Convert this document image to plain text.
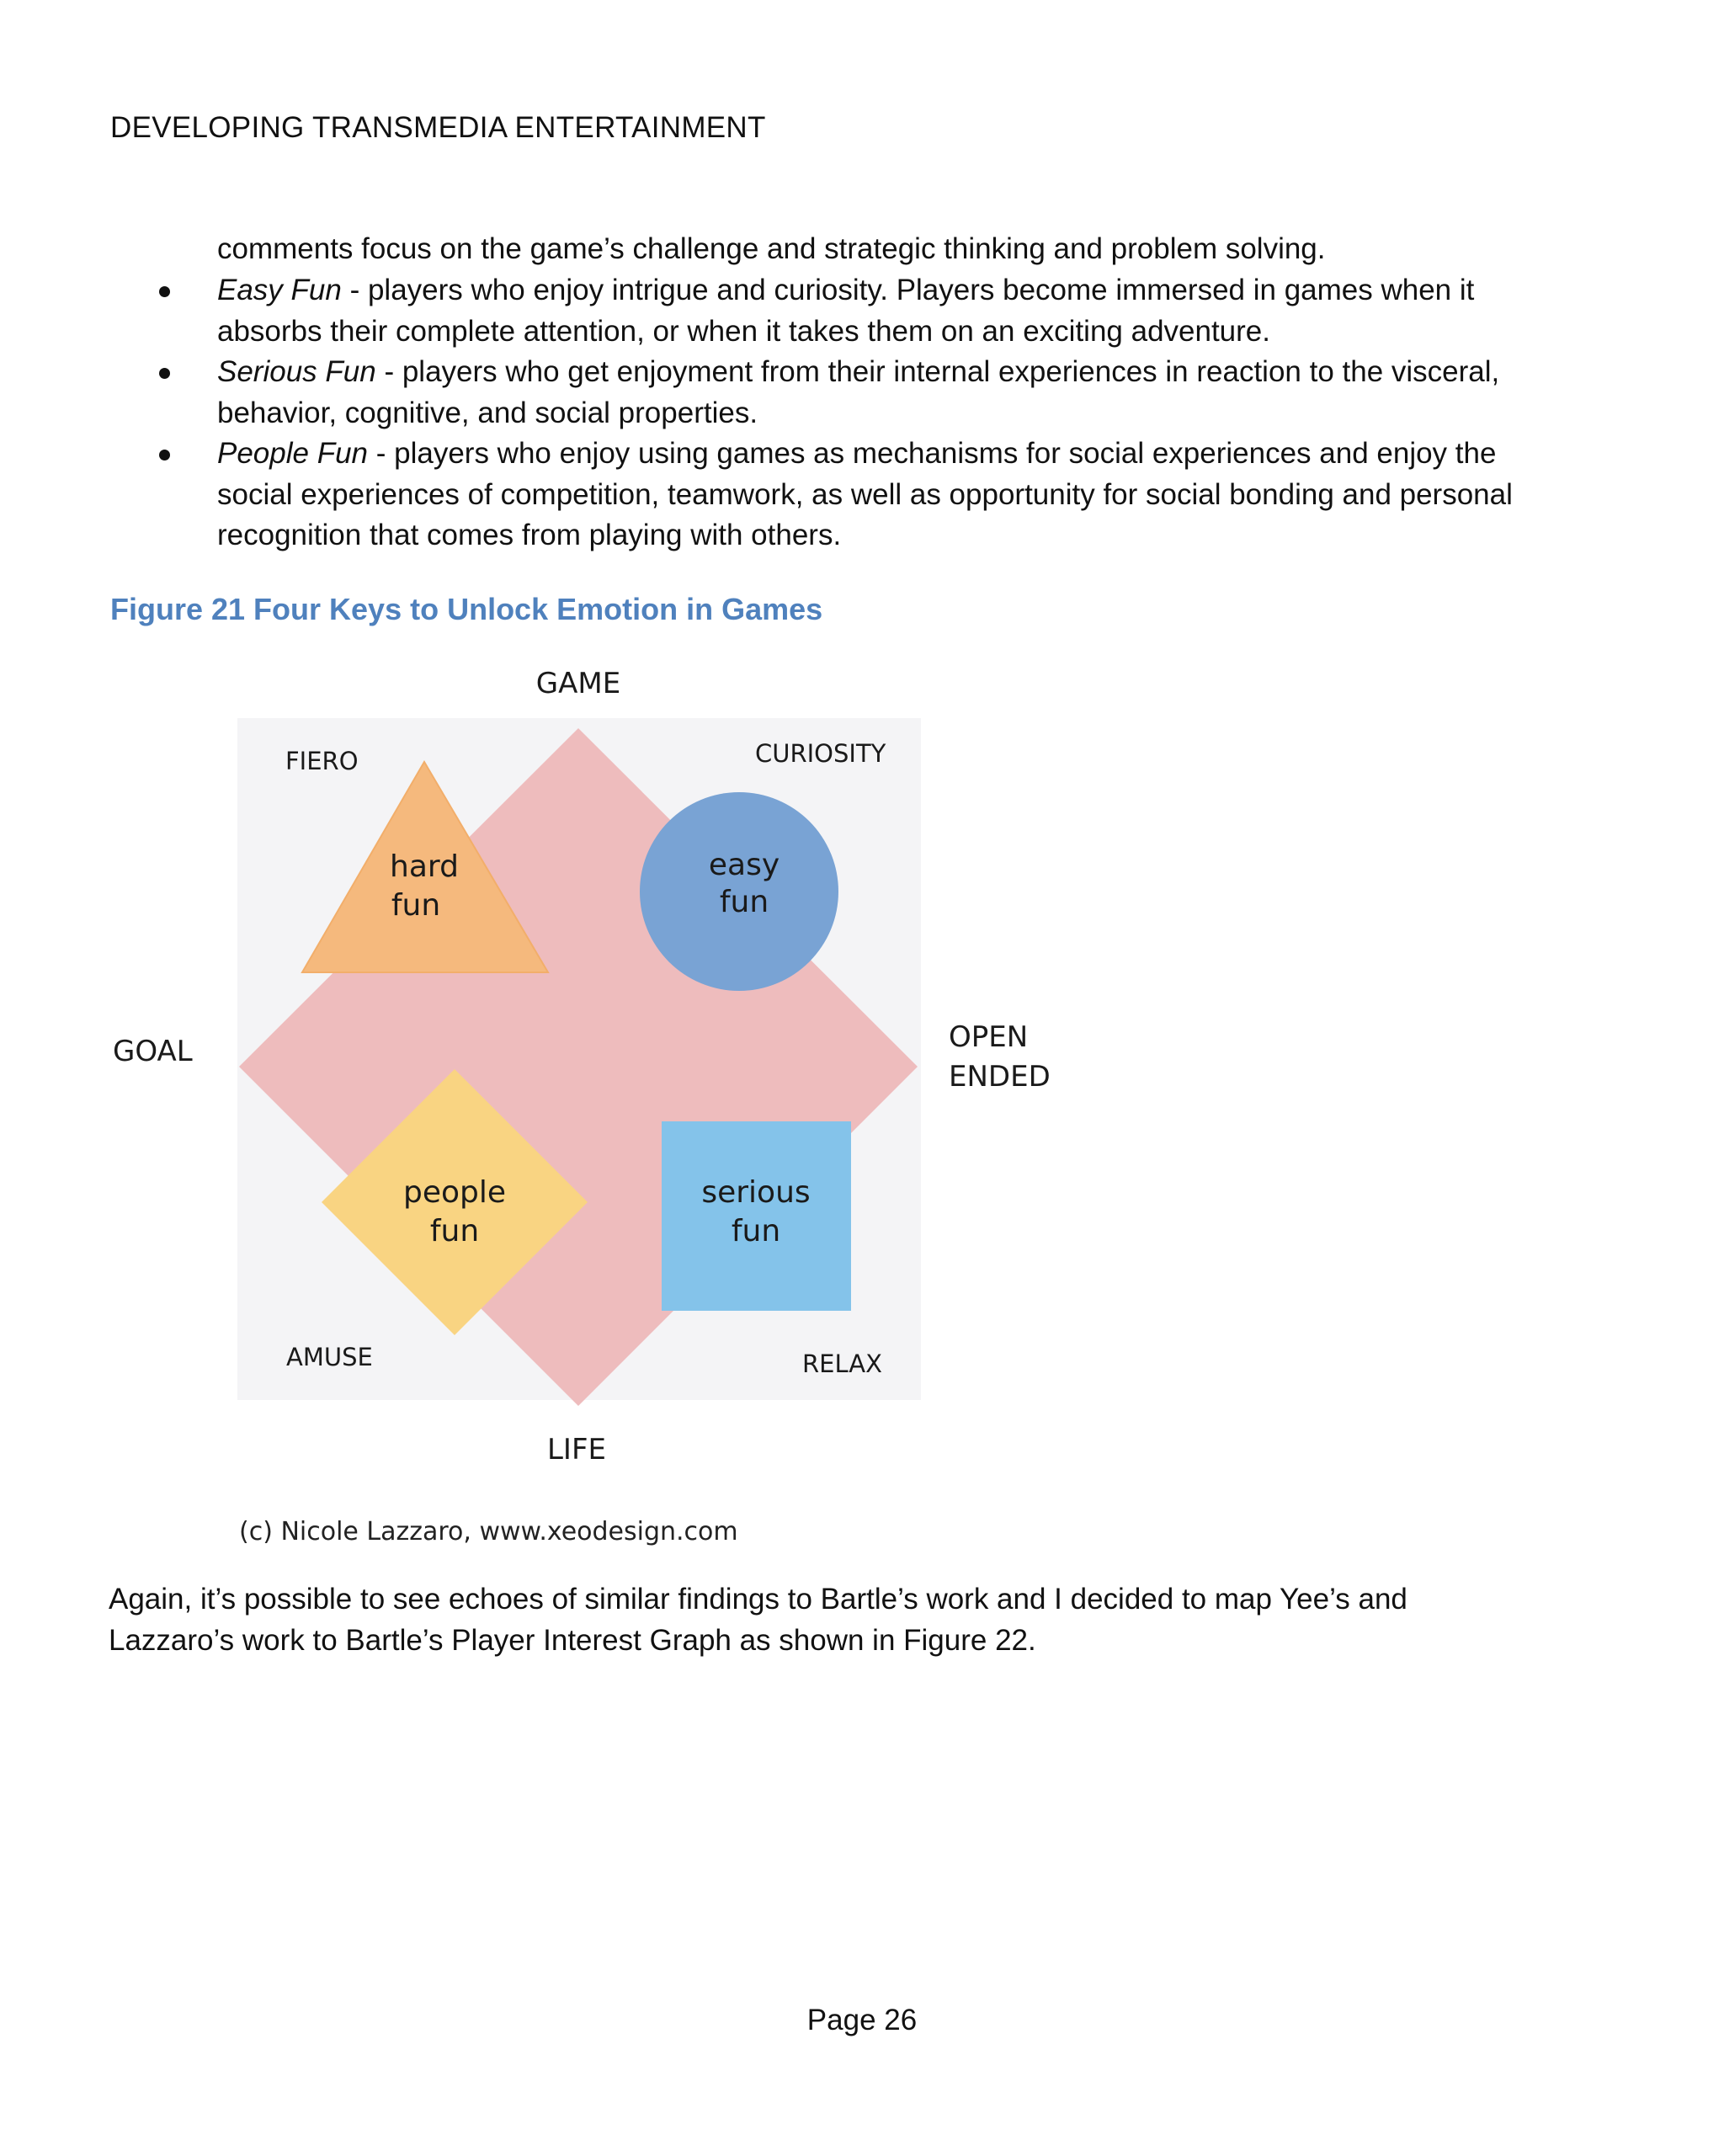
DEVELOPING TRANSMEDIA ENTERTAINMENT
comments focus on the game’s challenge and strategic thinking and problem solving.
Easy Fun - players who enjoy intrigue and curiosity. Players become immersed in games when it absorbs their complete attention, or when it takes them on an exciting adventure.
Serious Fun - players who get enjoyment from their internal experiences in reaction to the visceral, behavior, cognitive, and social properties.
People Fun - players who enjoy using games as mechanisms for social experiences and enjoy the social experiences of competition, teamwork, as well as opportunity for social bonding and personal recognition that comes from playing with others.
Figure 21 Four Keys to Unlock Emotion in Games
GAME
LIFE
GOAL	OPEN
ENDED
FIERO	CURIOSITY
AMUSE	RELAX
hard
fun
easy
fun
people
fun
serious
fun
(c) Nicole Lazzaro, www.xeodesign.com
Again, it’s possible to see echoes of similar findings to Bartle’s work and I decided to map Yee’s and Lazzaro’s work to Bartle’s Player Interest Graph as shown in Figure 22.
Page 26
